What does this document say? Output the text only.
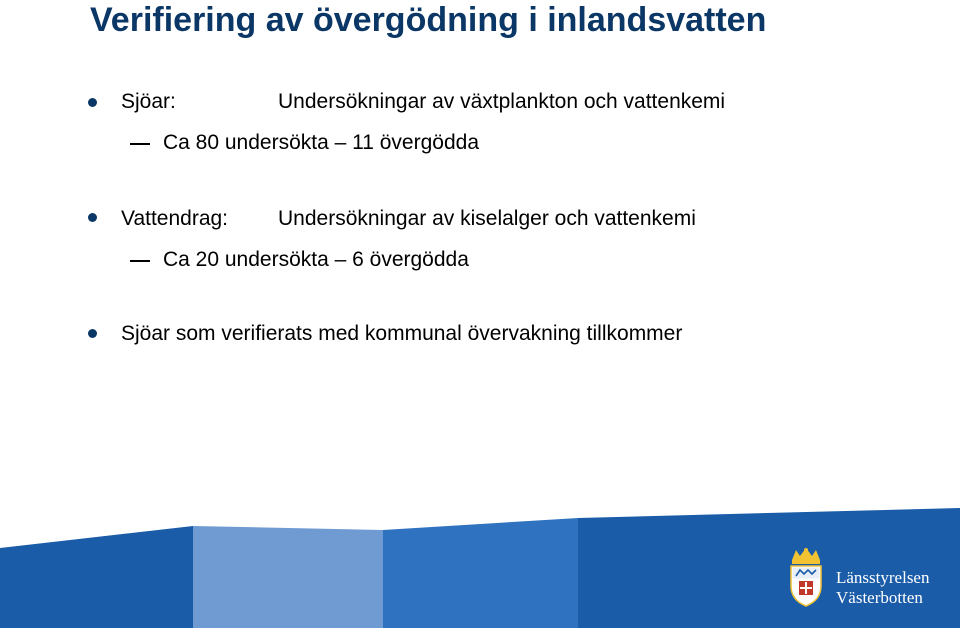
Verifiering av övergödning i inlandsvatten
Sjöar:	Undersökningar av växtplankton och vattenkemi
Ca 80 undersökta – 11 övergödda
Vattendrag: Undersökningar av kiselalger och vattenkemi
Ca 20 undersökta – 6 övergödda
Sjöar som verifierats med kommunal övervakning tillkommer
Länsstyrelsen
Västerbotten
